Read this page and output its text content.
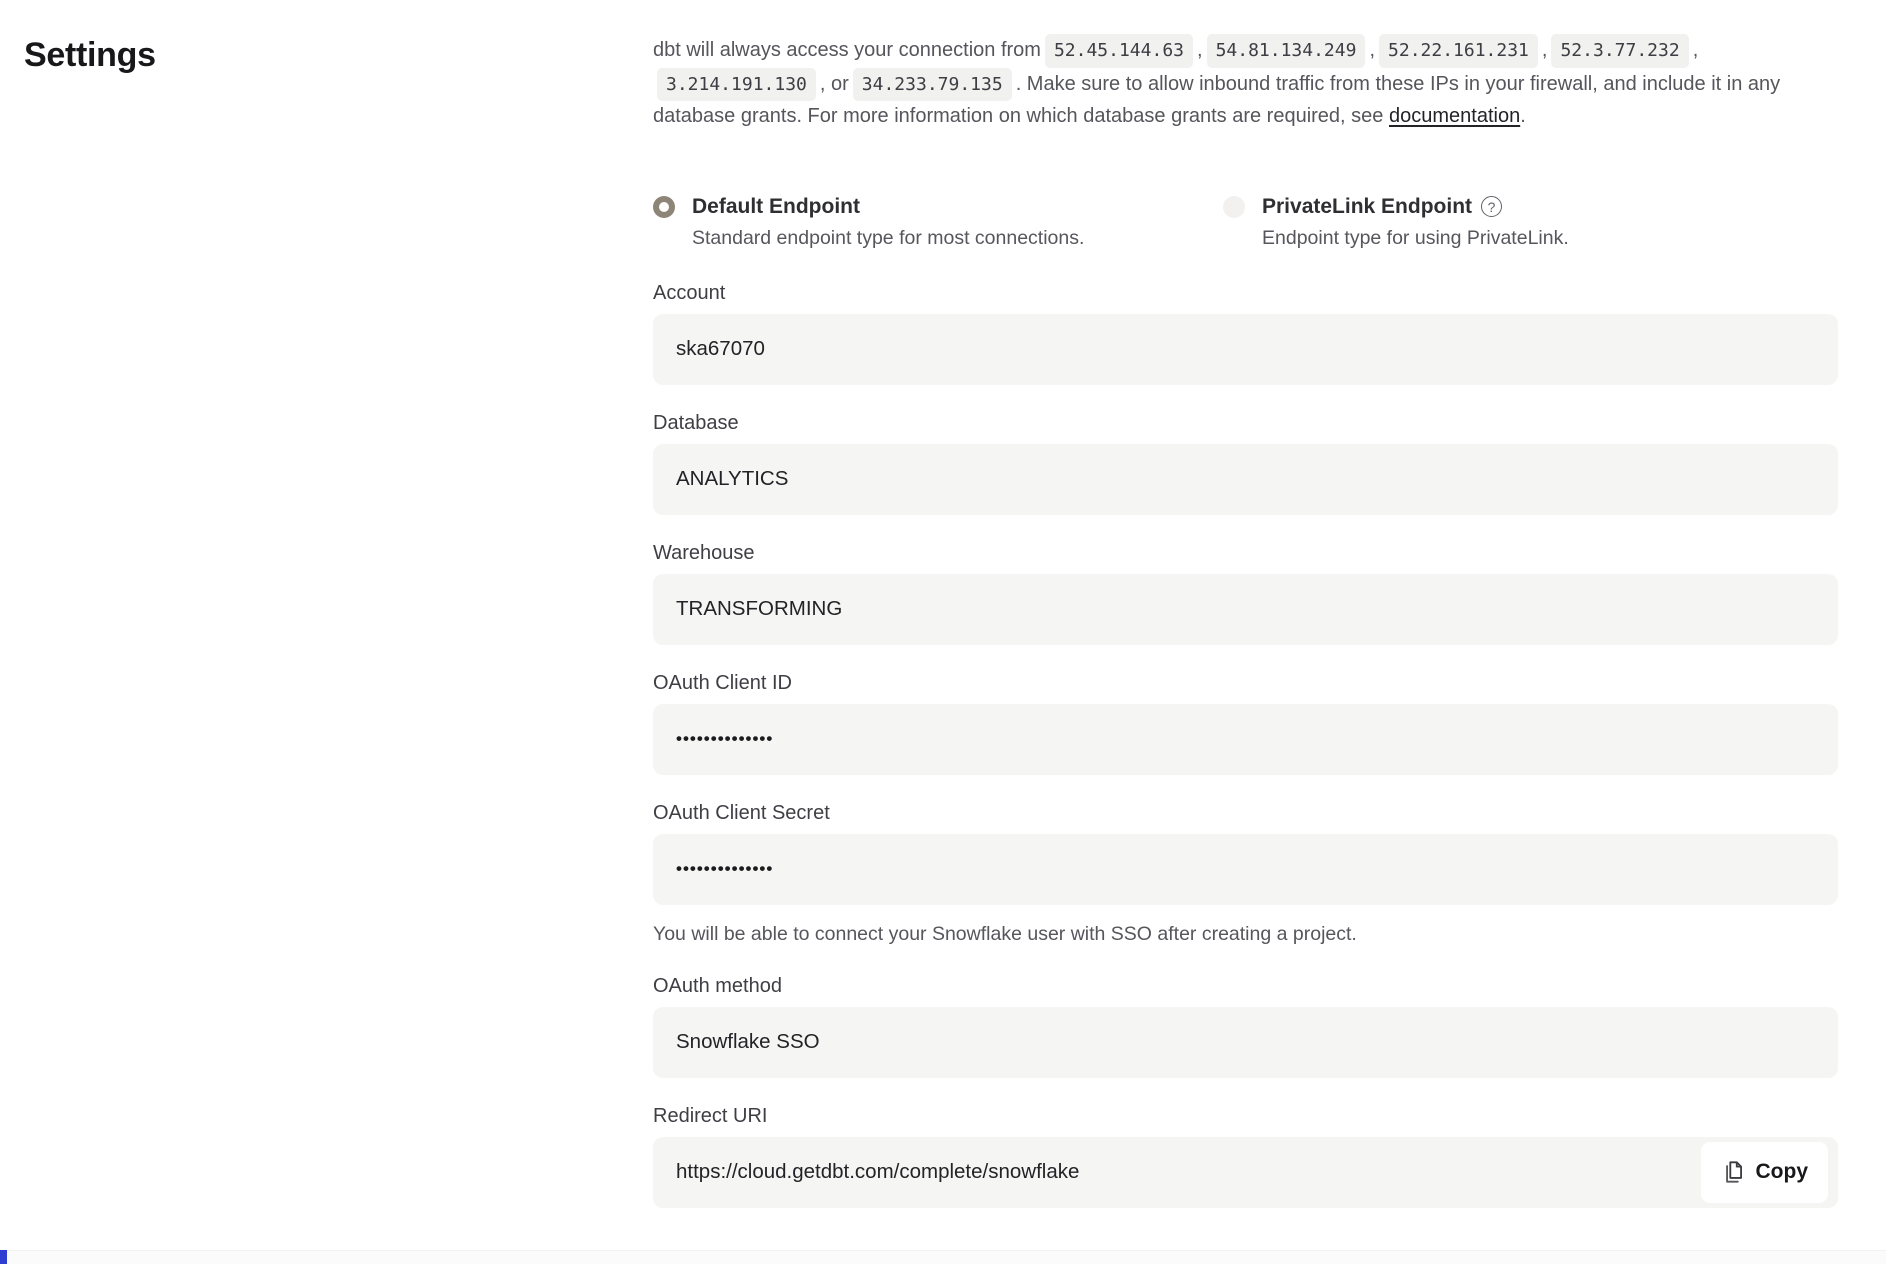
Settings	dbt will always access your connection from 52.45.144.63 , 54.81.134.249 , 52.22.161.231 , 52.3.77.232 ,3.214.191.130 , or 34.233.79.135 . Make sure to allow inbound traffic from these IPs in your firewall, and include it in any database grants. For more information on which database grants are required, see documentation.

Default Endpoint
Standard endpoint type for most connections.
PrivateLink Endpoint	?
Endpoint type for using PrivateLink.
Account
ska67070
Database
ANALYTICS
Warehouse
TRANSFORMING
OAuth Client ID
••••••••••••••
OAuth Client Secret
••••••••••••••
You will be able to connect your Snowflake user with SSO after creating a project.
OAuth method
Snowflake SSO
Redirect URI
https://cloud.getdbt.com/complete/snowflake	Copy
